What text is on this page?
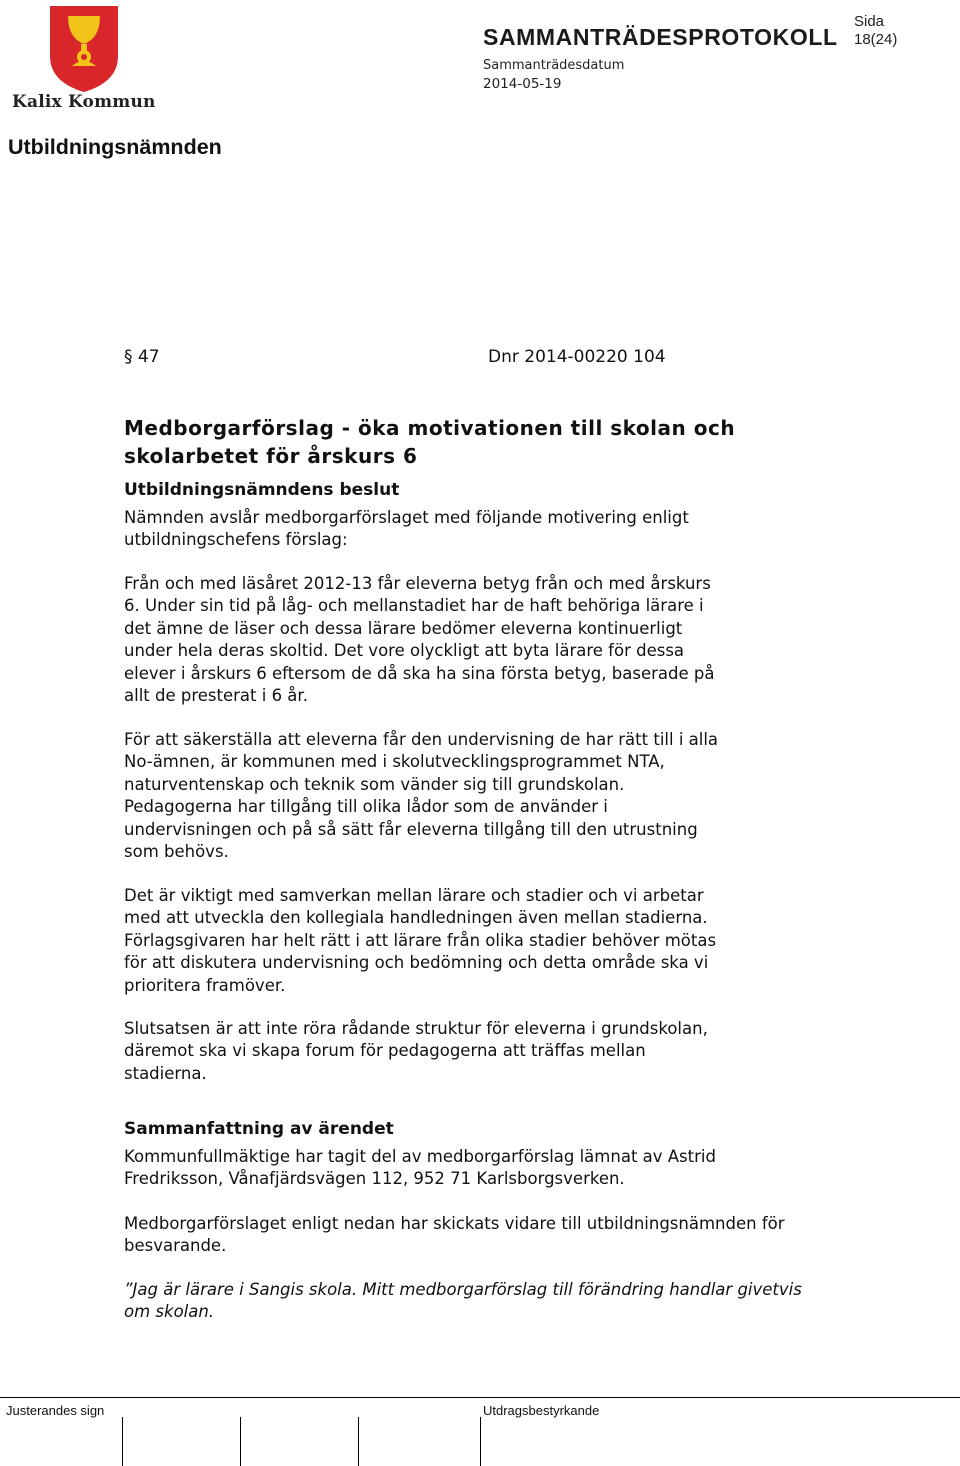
Kalix Kommun
SAMMANTRÄDESPROTOKOLL
Sida
18(24)
Sammanträdesdatum
2014-05-19
Utbildningsnämnden
§ 47	Dnr 2014-00220 104
Medborgarförslag - öka motivationen till skolan och skolarbetet för årskurs 6
Utbildningsnämndens beslut
Nämnden avslår medborgarförslaget med följande motivering enligt
utbildningschefens förslag:
Från och med läsåret 2012-13 får eleverna betyg från och med årskurs
6. Under sin tid på låg- och mellanstadiet har de haft behöriga lärare i
det ämne de läser och dessa lärare bedömer eleverna kontinuerligt
under hela deras skoltid. Det vore olyckligt att byta lärare för dessa
elever i årskurs 6 eftersom de då ska ha sina första betyg, baserade på
allt de presterat i 6 år.
För att säkerställa att eleverna får den undervisning de har rätt till i alla
No-ämnen, är kommunen med i skolutvecklingsprogrammet NTA,
naturventenskap och teknik som vänder sig till grundskolan.
Pedagogerna har tillgång till olika lådor som de använder i
undervisningen och på så sätt får eleverna tillgång till den utrustning
som behövs.
Det är viktigt med samverkan mellan lärare och stadier och vi arbetar
med att utveckla den kollegiala handledningen även mellan stadierna.
Förlagsgivaren har helt rätt i att lärare från olika stadier behöver mötas
för att diskutera undervisning och bedömning och detta område ska vi
prioritera framöver.
Slutsatsen är att inte röra rådande struktur för eleverna i grundskolan,
däremot ska vi skapa forum för pedagogerna att träffas mellan
stadierna.
Sammanfattning av ärendet
Kommunfullmäktige har tagit del av medborgarförslag lämnat av Astrid
Fredriksson, Vånafjärdsvägen 112, 952 71 Karlsborgsverken.
Medborgarförslaget enligt nedan har skickats vidare till utbildningsnämnden för
besvarande.
”Jag är lärare i Sangis skola. Mitt medborgarförslag till förändring handlar givetvis
om skolan.
Justerandes sign	Utdragsbestyrkande
